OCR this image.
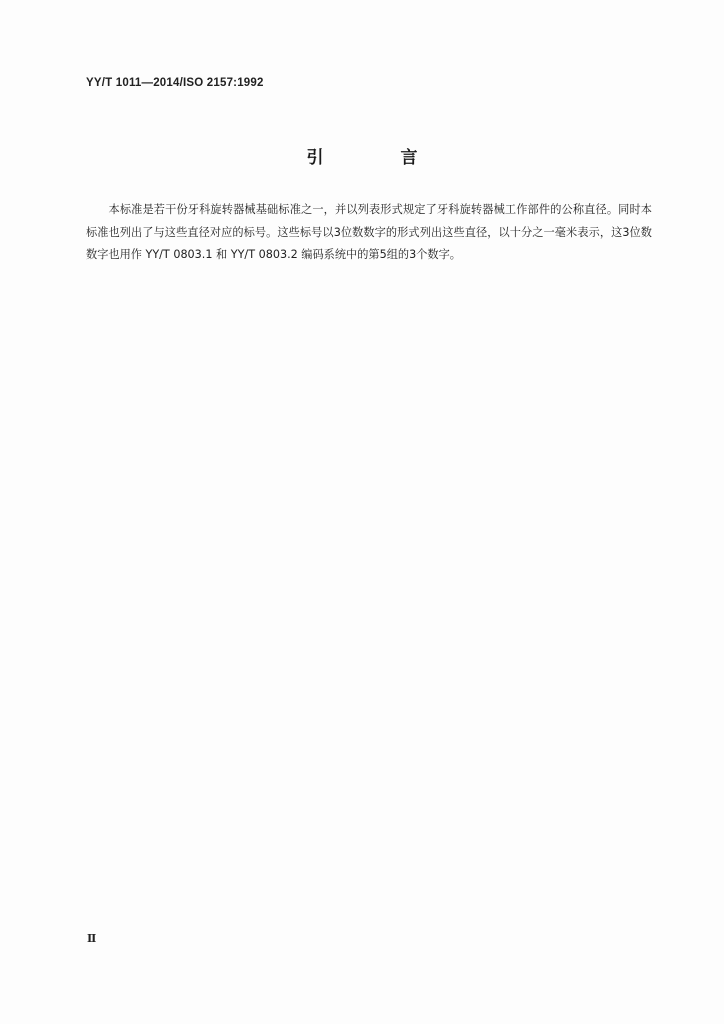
YY/T 1011—2014/ISO 2157:1992
引　言
本标准是若干份牙科旋转器械基础标准之一，并以列表形式规定了牙科旋转器械工作部件的公称直径。同时本标准也列出了与这些直径对应的标号。这些标号以3位数数字的形式列出这些直径，以十分之一毫米表示，这3位数数字也用作 YY/T 0803.1 和 YY/T 0803.2 编码系统中的第5组的3个数字。
Ⅱ
